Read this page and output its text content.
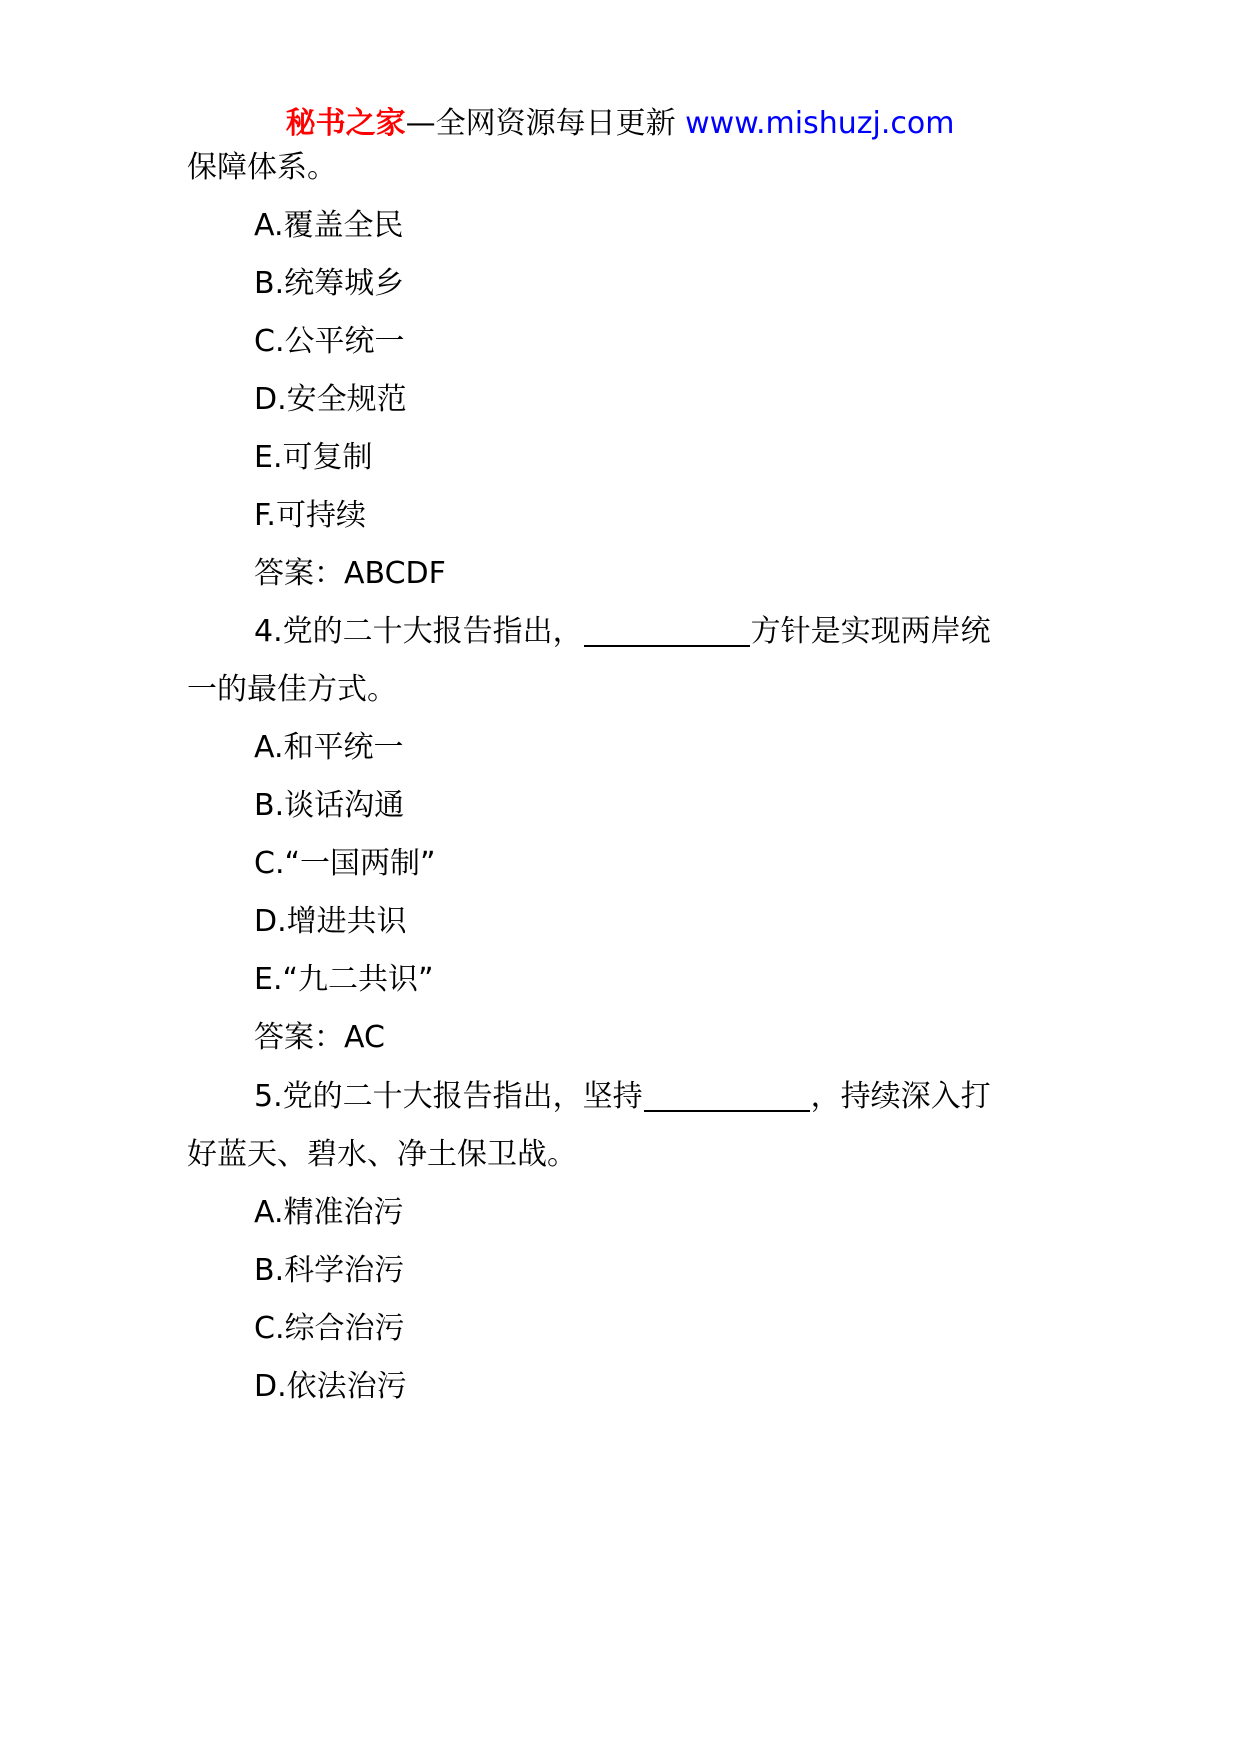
秘书之家—全网资源每日更新 www.mishuzj.com
保障体系。
A.覆盖全民
B.统筹城乡
C.公平统一
D.安全规范
E.可复制
F.可持续
答案：ABCDF
4.党的二十大报告指出，	方针是实现两岸统
一的最佳方式。
A.和平统一
B.谈话沟通
C.“一国两制”
D.增进共识
E.“九二共识”
答案：AC
5.党的二十大报告指出，坚持	，持续深入打
好蓝天、碧水、净土保卫战。
A.精准治污
B.科学治污
C.综合治污
D.依法治污
